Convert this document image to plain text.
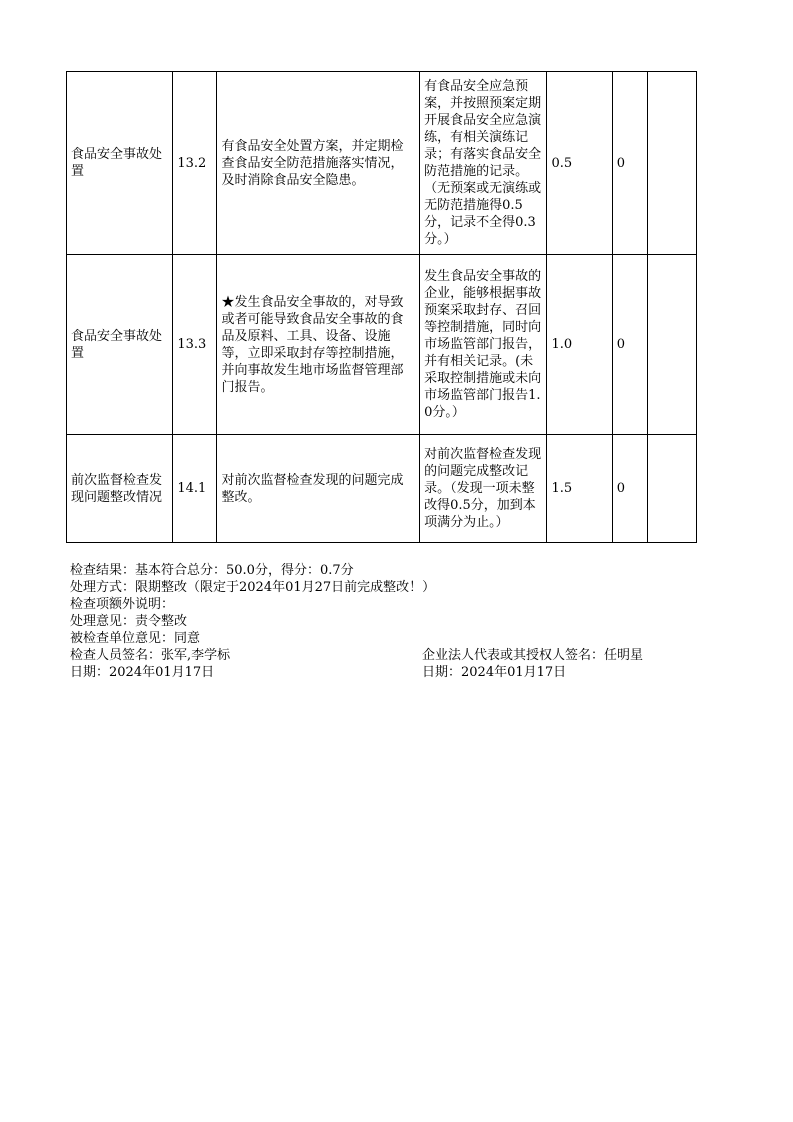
食品安全事故处置	13.2	有食品安全处置方案，并定期检查食品安全防范措施落实情况，及时消除食品安全隐患。	有食品安全应急预案，并按照预案定期开展食品安全应急演练，有相关演练记录；有落实食品安全防范措施的记录。（无预案或无演练或无防范措施得0.5分，记录不全得0.3分。）	0.5	0	
食品安全事故处置	13.3	★发生食品安全事故的，对导致或者可能导致食品安全事故的食品及原料、工具、设备、设施等，立即采取封存等控制措施，并向事故发生地市场监督管理部门报告。	发生食品安全事故的企业，能够根据事故预案采取封存、召回等控制措施，同时向市场监管部门报告，并有相关记录。(未采取控制措施或未向市场监管部门报告1.0分。）	1.0	0	
前次监督检查发现问题整改情况	14.1	对前次监督检查发现的问题完成整改。	对前次监督检查发现的问题完成整改记录。（发现一项未整改得0.5分，加到本项满分为止。）	1.5	0	
检查结果：基本符合总分：50.0分，得分：0.7分
处理方式：限期整改（限定于2024年01月27日前完成整改！）
检查项额外说明：
处理意见：责令整改
被检查单位意见：同意
检查人员签名：张军,李学标	企业法人代表或其授权人签名：任明星
日期：2024年01月17日	日期：2024年01月17日
